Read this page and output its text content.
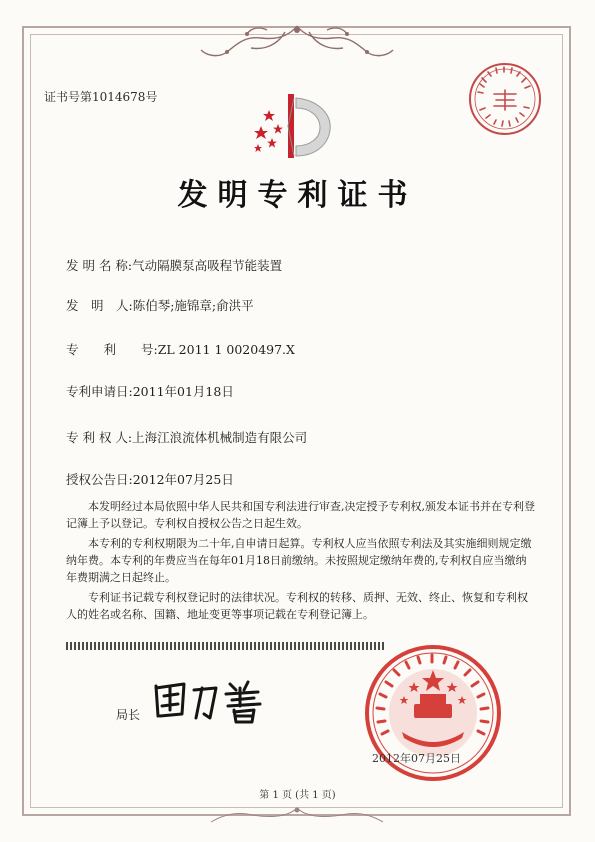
证书号第1014678号
发明专利证书
发 明 名 称:气动隔膜泵高吸程节能装置
发　明　人:陈伯琴;施锦章;俞洪平
专　　利　　号:ZL 2011 1 0020497.X
专利申请日:2011年01月18日
专 利 权 人:上海江浪流体机械制造有限公司
授权公告日:2012年07月25日

本发明经过本局依照中华人民共和国专利法进行审查,决定授予专利权,颁发本证书并在专利登记簿上予以登记。专利权自授权公告之日起生效。

本专利的专利权期限为二十年,自申请日起算。专利权人应当依照专利法及其实施细则规定缴纳年费。本专利的年费应当在每年01月18日前缴纳。未按照规定缴纳年费的,专利权自应当缴纳年费期满之日起终止。

专利证书记载专利权登记时的法律状况。专利权的转移、质押、无效、终止、恢复和专利权人的姓名或名称、国籍、地址变更等事项记载在专利登记簿上。

局长
2012年07月25日
第 1 页 (共 1 页)
